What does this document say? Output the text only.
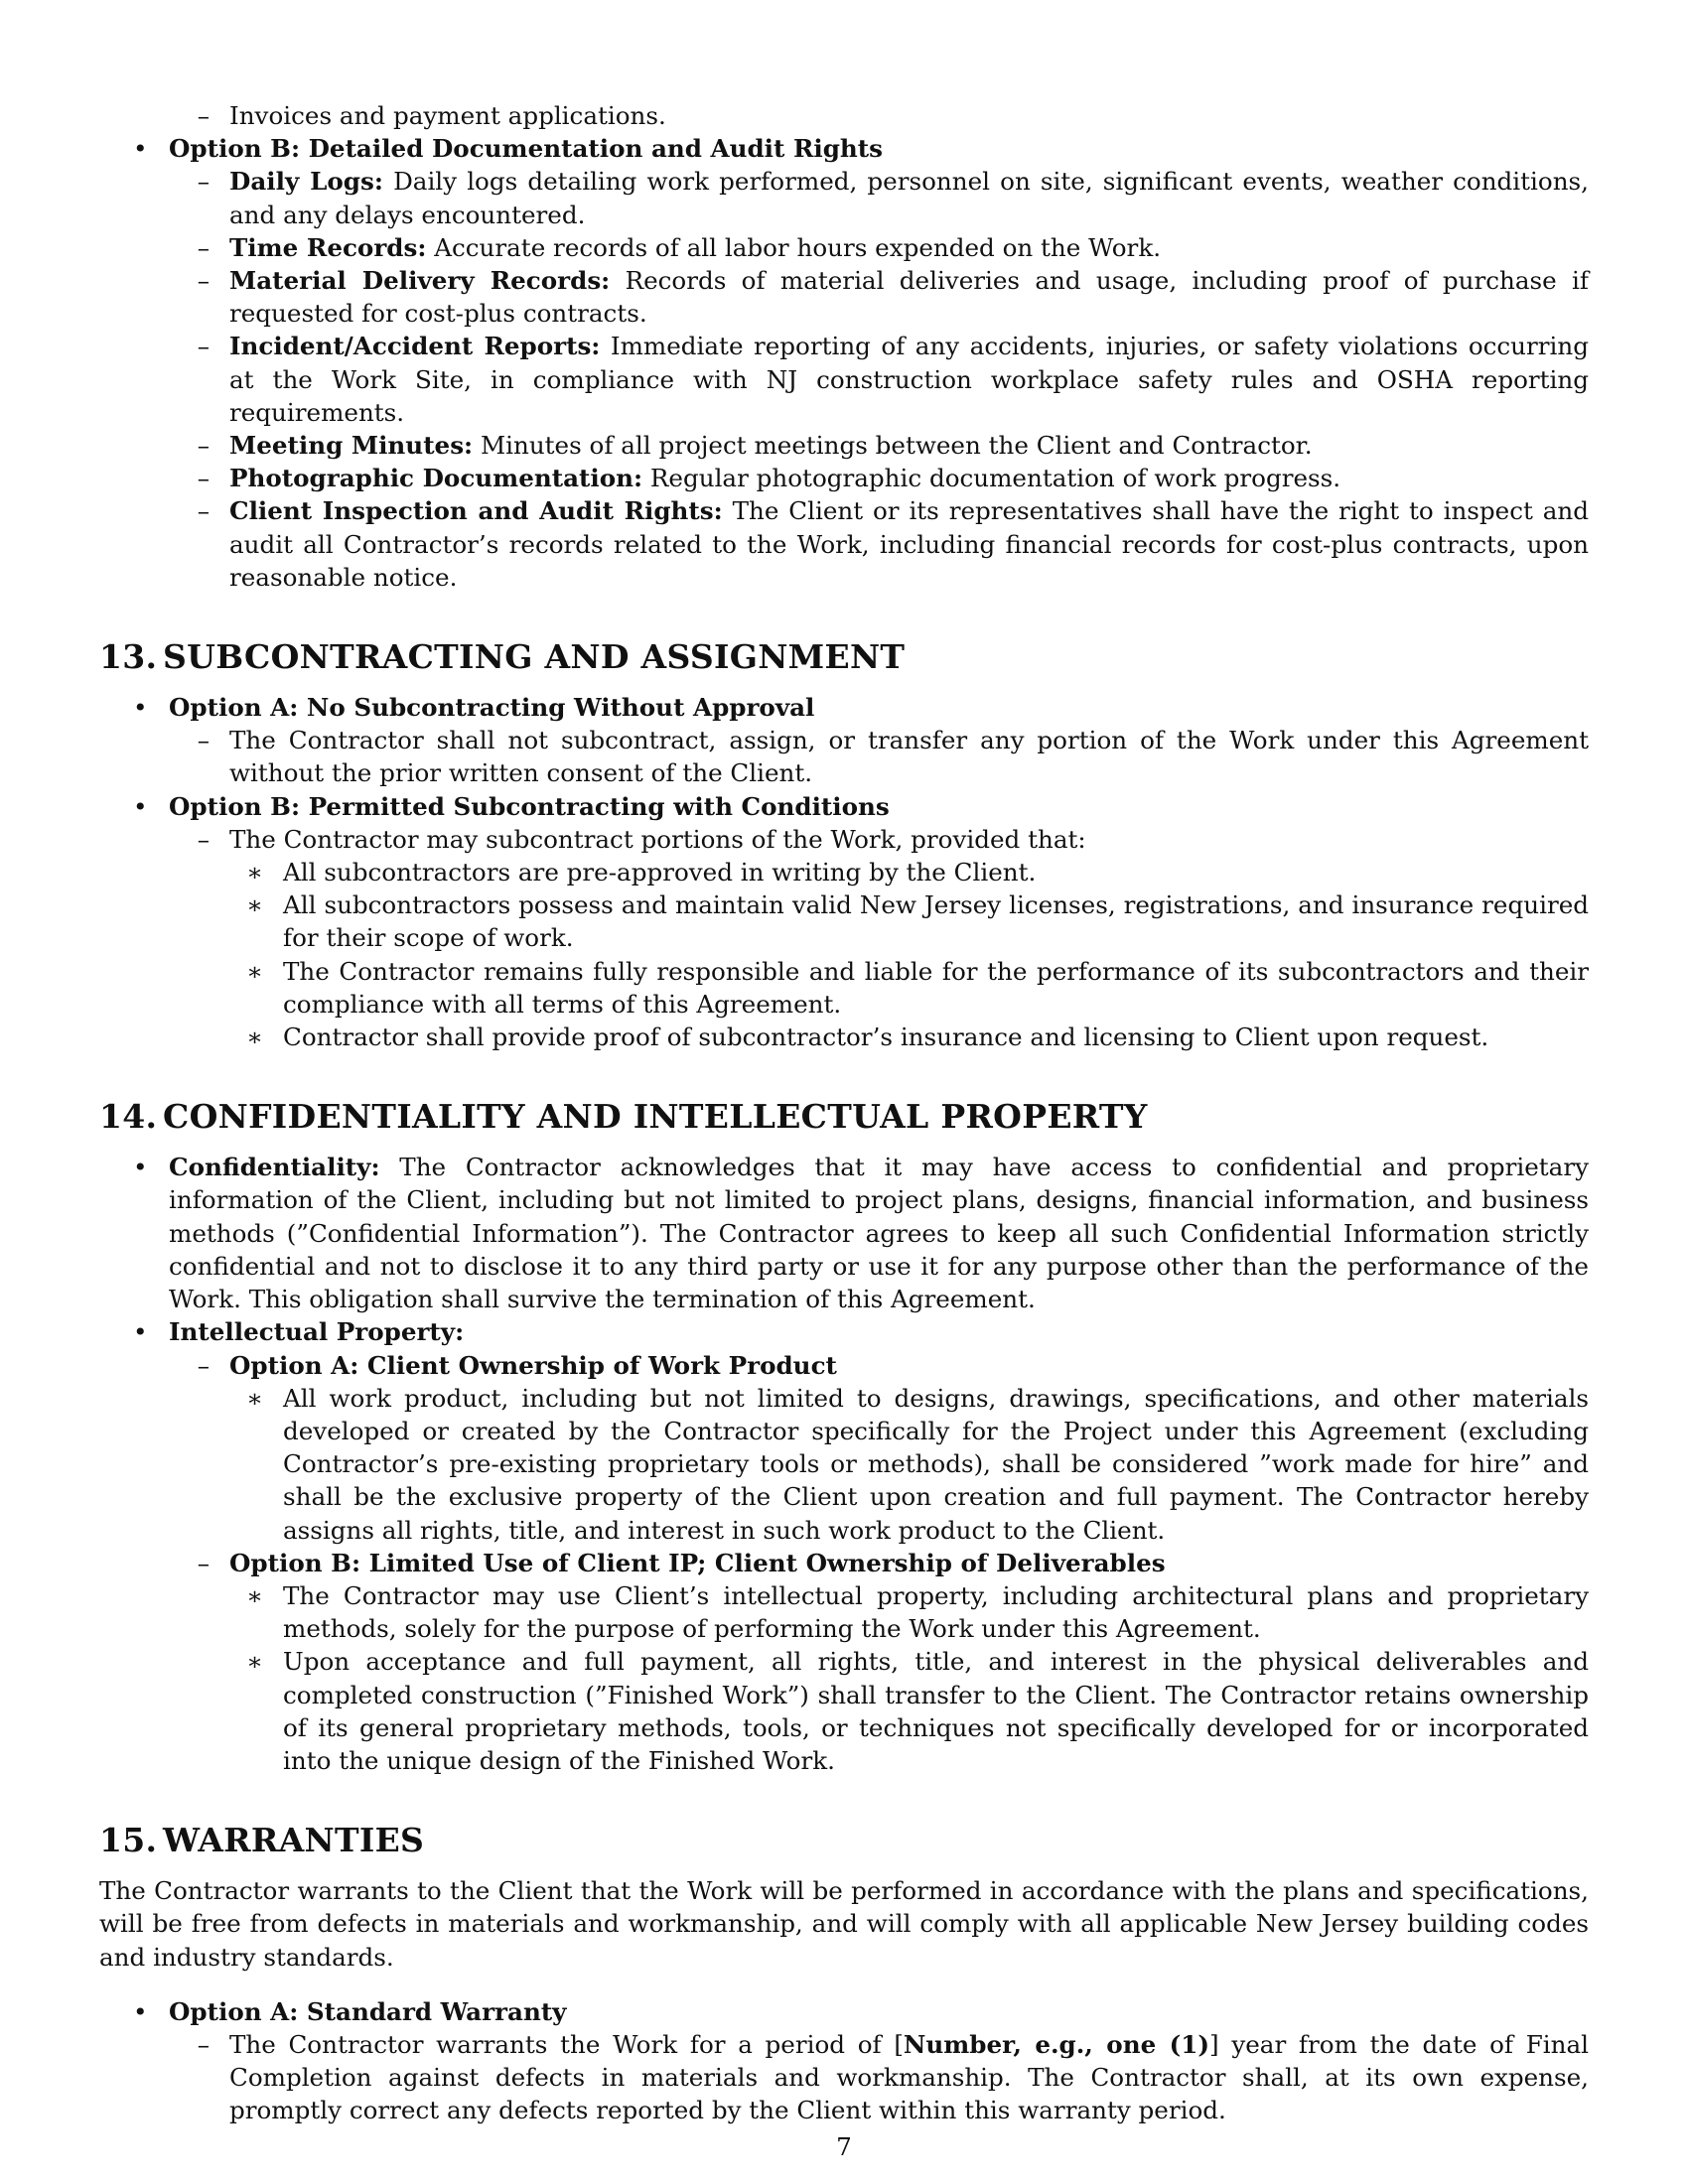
– Invoices and payment applications.
• Option B: Detailed Documentation and Audit Rights
– Daily Logs: Daily logs detailing work performed, personnel on site, significant events, weather conditions, and any delays encountered.
– Time Records: Accurate records of all labor hours expended on the Work.
– Material Delivery Records: Records of material deliveries and usage, including proof of purchase if requested for cost-plus contracts.
– Incident/Accident Reports: Immediate reporting of any accidents, injuries, or safety violations occurring at the Work Site, in compliance with NJ construction workplace safety rules and OSHA reporting requirements.
– Meeting Minutes: Minutes of all project meetings between the Client and Contractor.
– Photographic Documentation: Regular photographic documentation of work progress.
– Client Inspection and Audit Rights: The Client or its representatives shall have the right to inspect and audit all Contractor’s records related to the Work, including financial records for cost-plus contracts, upon reasonable notice.
13. SUBCONTRACTING AND ASSIGNMENT
• Option A: No Subcontracting Without Approval
– The Contractor shall not subcontract, assign, or transfer any portion of the Work under this Agreement without the prior written consent of the Client.
• Option B: Permitted Subcontracting with Conditions
– The Contractor may subcontract portions of the Work, provided that:
∗ All subcontractors are pre-approved in writing by the Client.
∗ All subcontractors possess and maintain valid New Jersey licenses, registrations, and insurance required for their scope of work.
∗ The Contractor remains fully responsible and liable for the performance of its subcontractors and their compliance with all terms of this Agreement.
∗ Contractor shall provide proof of subcontractor’s insurance and licensing to Client upon request.
14. CONFIDENTIALITY AND INTELLECTUAL PROPERTY
• Confidentiality: The Contractor acknowledges that it may have access to confidential and proprietary information of the Client, including but not limited to project plans, designs, financial information, and business methods (”Confidential Information”). The Contractor agrees to keep all such Confidential Information strictly confidential and not to disclose it to any third party or use it for any purpose other than the performance of the Work. This obligation shall survive the termination of this Agreement.
• Intellectual Property:
– Option A: Client Ownership of Work Product
∗ All work product, including but not limited to designs, drawings, specifications, and other materials developed or created by the Contractor specifically for the Project under this Agreement (excluding Contractor’s pre-existing proprietary tools or methods), shall be considered ”work made for hire” and shall be the exclusive property of the Client upon creation and full payment. The Contractor hereby assigns all rights, title, and interest in such work product to the Client.
– Option B: Limited Use of Client IP; Client Ownership of Deliverables
∗ The Contractor may use Client’s intellectual property, including architectural plans and proprietary methods, solely for the purpose of performing the Work under this Agreement.
∗ Upon acceptance and full payment, all rights, title, and interest in the physical deliverables and completed construction (”Finished Work”) shall transfer to the Client. The Contractor retains ownership of its general proprietary methods, tools, or techniques not specifically developed for or incorporated into the unique design of the Finished Work.
15. WARRANTIES

The Contractor warrants to the Client that the Work will be performed in accordance with the plans and specifications, will be free from defects in materials and workmanship, and will comply with all applicable New Jersey building codes and industry standards.

• Option A: Standard Warranty
– The Contractor warrants the Work for a period of [Number, e.g., one (1)] year from the date of Final Completion against defects in materials and workmanship. The Contractor shall, at its own expense, promptly correct any defects reported by the Client within this warranty period.
7
